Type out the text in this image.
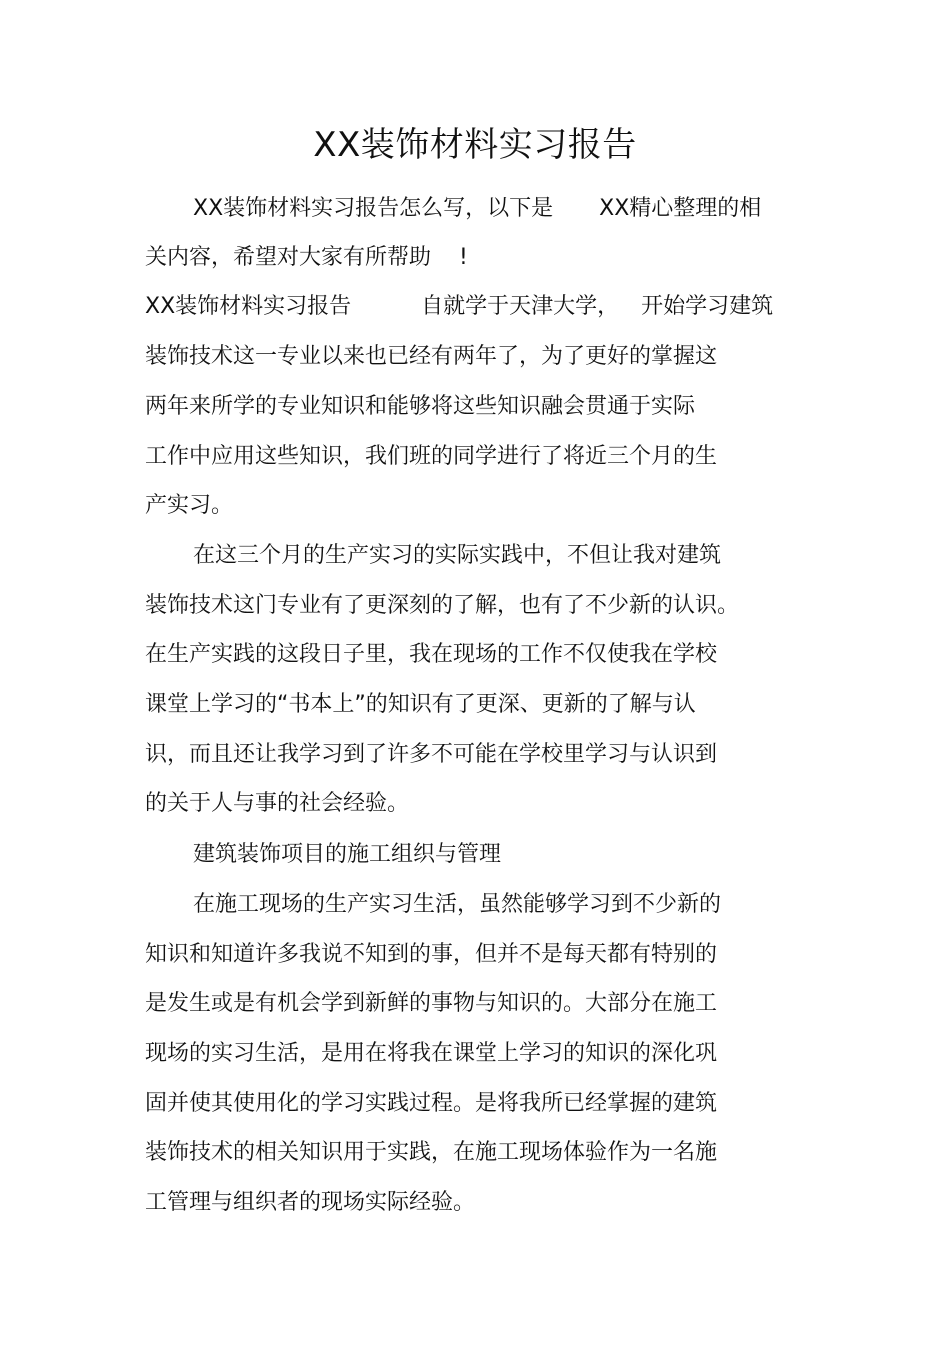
XX装饰材料实习报告
XX装饰材料实习报告怎么写，以下是 XX精心整理的相
关内容，希望对大家有所帮助 !
XX装饰材料实习报告	自就学于天津大学， 开始学习建筑
装饰技术这一专业以来也已经有两年了，为了更好的掌握这
两年来所学的专业知识和能够将这些知识融会贯通于实际
工作中应用这些知识，我们班的同学进行了将近三个月的生
产实习。
在这三个月的生产实习的实际实践中，不但让我对建筑
装饰技术这门专业有了更深刻的了解，也有了不少新的认识。
在生产实践的这段日子里，我在现场的工作不仅使我在学校
课堂上学习的“书本上”的知识有了更深、更新的了解与认
识，而且还让我学习到了许多不可能在学校里学习与认识到
的关于人与事的社会经验。
建筑装饰项目的施工组织与管理
在施工现场的生产实习生活，虽然能够学习到不少新的
知识和知道许多我说不知到的事，但并不是每天都有特别的
是发生或是有机会学到新鲜的事物与知识的。大部分在施工
现场的实习生活，是用在将我在课堂上学习的知识的深化巩
固并使其使用化的学习实践过程。是将我所已经掌握的建筑
装饰技术的相关知识用于实践，在施工现场体验作为一名施
工管理与组织者的现场实际经验。
